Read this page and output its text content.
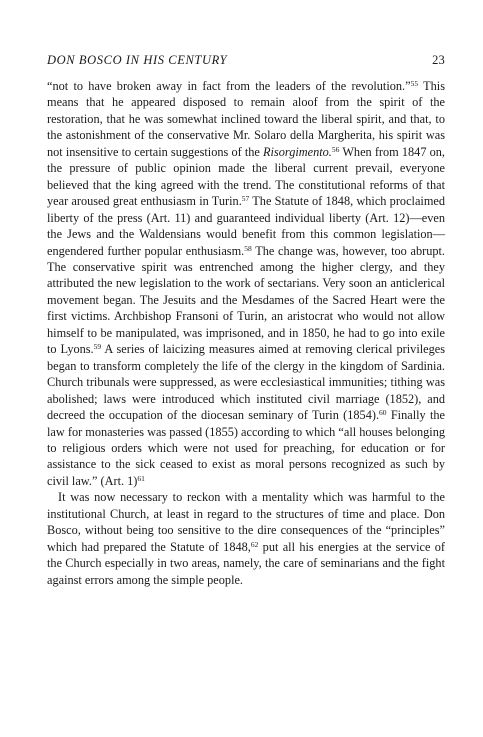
DON BOSCO IN HIS CENTURY	23

“not to have broken away in fact from the leaders of the revolution.”$^{55}$ This means that he appeared disposed to remain aloof from the spirit of the restoration, that he was somewhat inclined toward the liberal spirit, and that, to the astonishment of the conservative Mr. Solaro della Margherita, his spirit was not insensitive to certain suggestions of the Risorgimento.$^{56}$ When from 1847 on, the pressure of public opinion made the liberal current prevail, everyone believed that the king agreed with the trend. The constitutional reforms of that year aroused great enthusiasm in Turin.$^{57}$ The Statute of 1848, which proclaimed liberty of the press (Art. 11) and guaranteed individual liberty (Art. 12)—even the Jews and the Waldensians would benefit from this common legislation—engendered further popular enthusiasm.$^{58}$ The change was, however, too abrupt. The conservative spirit was entrenched among the higher clergy, and they attributed the new legislation to the work of sectarians. Very soon an anticlerical movement began. The Jesuits and the Mesdames of the Sacred Heart were the first victims. Archbishop Fransoni of Turin, an aristocrat who would not allow himself to be manipulated, was imprisoned, and in 1850, he had to go into exile to Lyons.$^{59}$ A series of laicizing measures aimed at removing clerical privileges began to transform completely the life of the clergy in the kingdom of Sardinia. Church tribunals were suppressed, as were ecclesiastical immunities; tithing was abolished; laws were introduced which instituted civil marriage (1852), and decreed the occupation of the diocesan seminary of Turin (1854).$^{60}$ Finally the law for monasteries was passed (1855) according to which “all houses belonging to religious orders which were not used for preaching, for education or for assistance to the sick ceased to exist as moral persons recognized as such by civil law.” (Art. 1)$^{61}$

It was now necessary to reckon with a mentality which was harmful to the institutional Church, at least in regard to the structures of time and place. Don Bosco, without being too sensitive to the dire consequences of the “principles” which had prepared the Statute of 1848,62 put all his energies at the service of the Church especially in two areas, namely, the care of seminarians and the fight against errors among the simple people.
